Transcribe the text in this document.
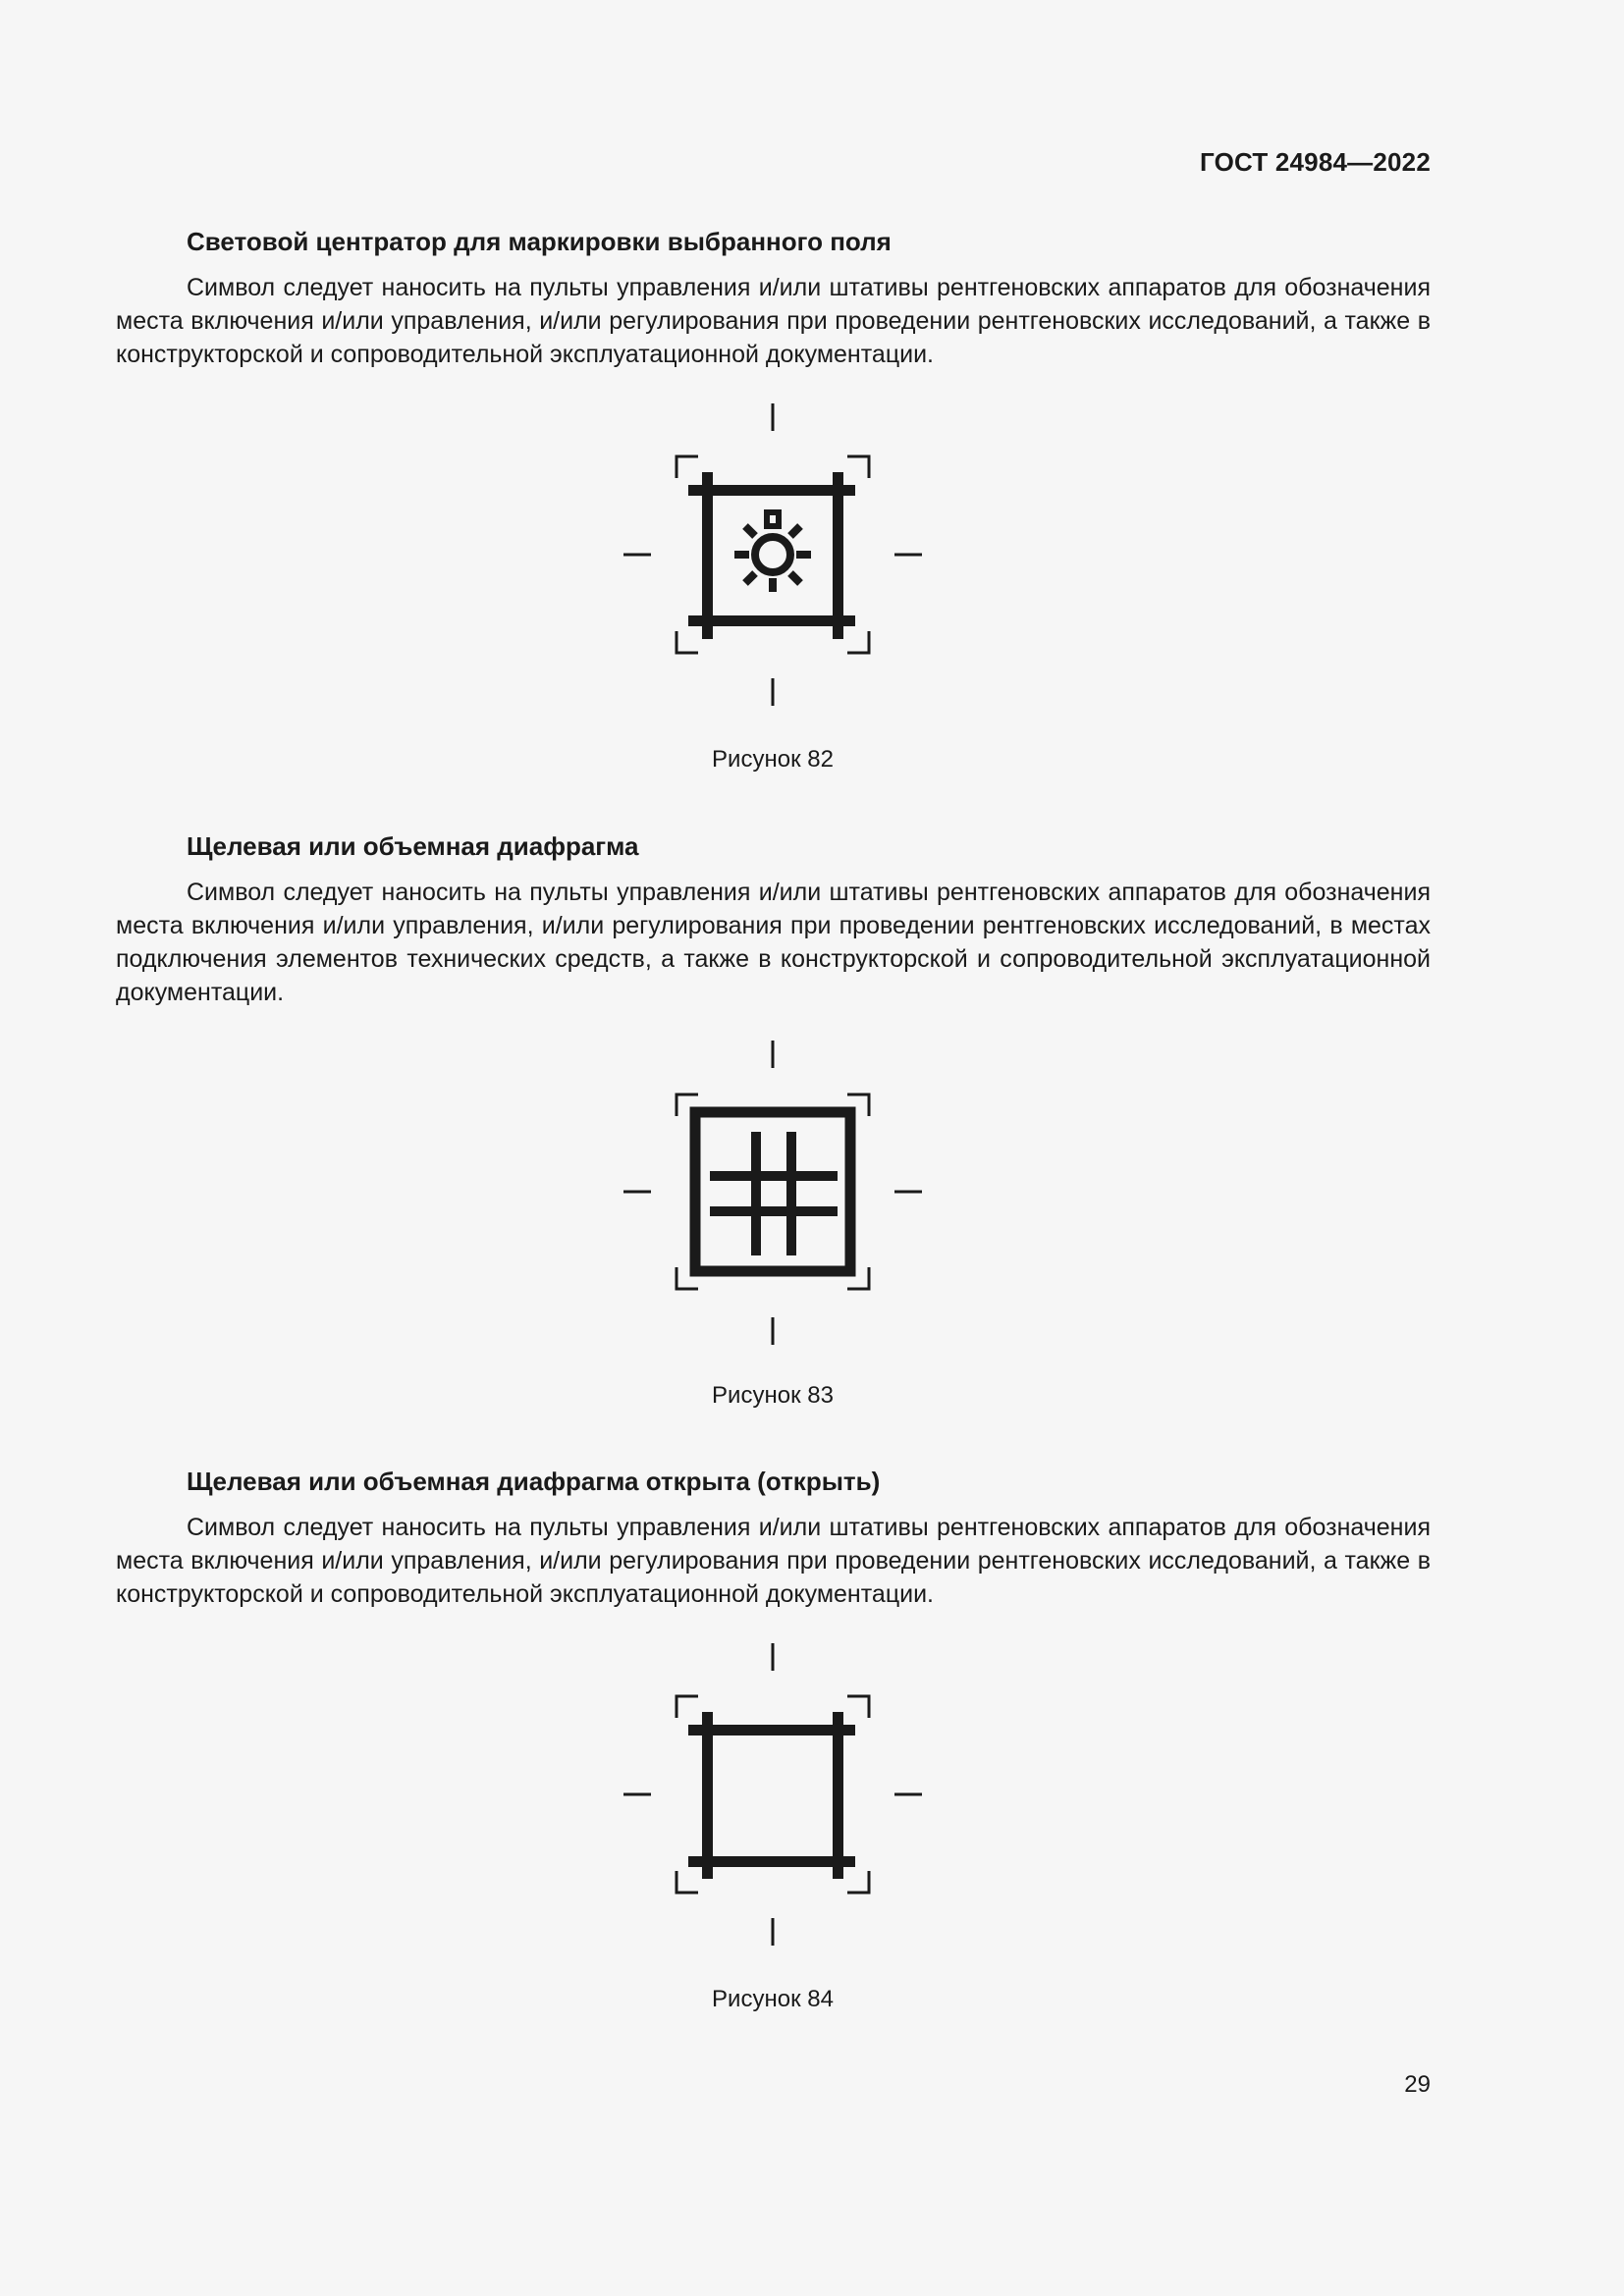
ГОСТ 24984—2022
Световой центратор для маркировки выбранного поля

Символ следует наносить на пульты управления и/или штативы рентгеновских аппаратов для обозначения места включения и/или управления, и/или регулирования при проведении рентгеновских исследований, а также в конструкторской и сопроводительной эксплуатационной документации.

Рисунок 82
Щелевая или объемная диафрагма

Символ следует наносить на пульты управления и/или штативы рентгеновских аппаратов для обозначения места включения и/или управления, и/или регулирования при проведении рентгеновских исследований, в местах подключения элементов технических средств, а также в конструкторской и сопроводительной эксплуатационной документации.

Рисунок 83
Щелевая или объемная диафрагма открыта (открыть)

Символ следует наносить на пульты управления и/или штативы рентгеновских аппаратов для обозначения места включения и/или управления, и/или регулирования при проведении рентгеновских исследований, а также в конструкторской и сопроводительной эксплуатационной документации.

Рисунок 84
29
